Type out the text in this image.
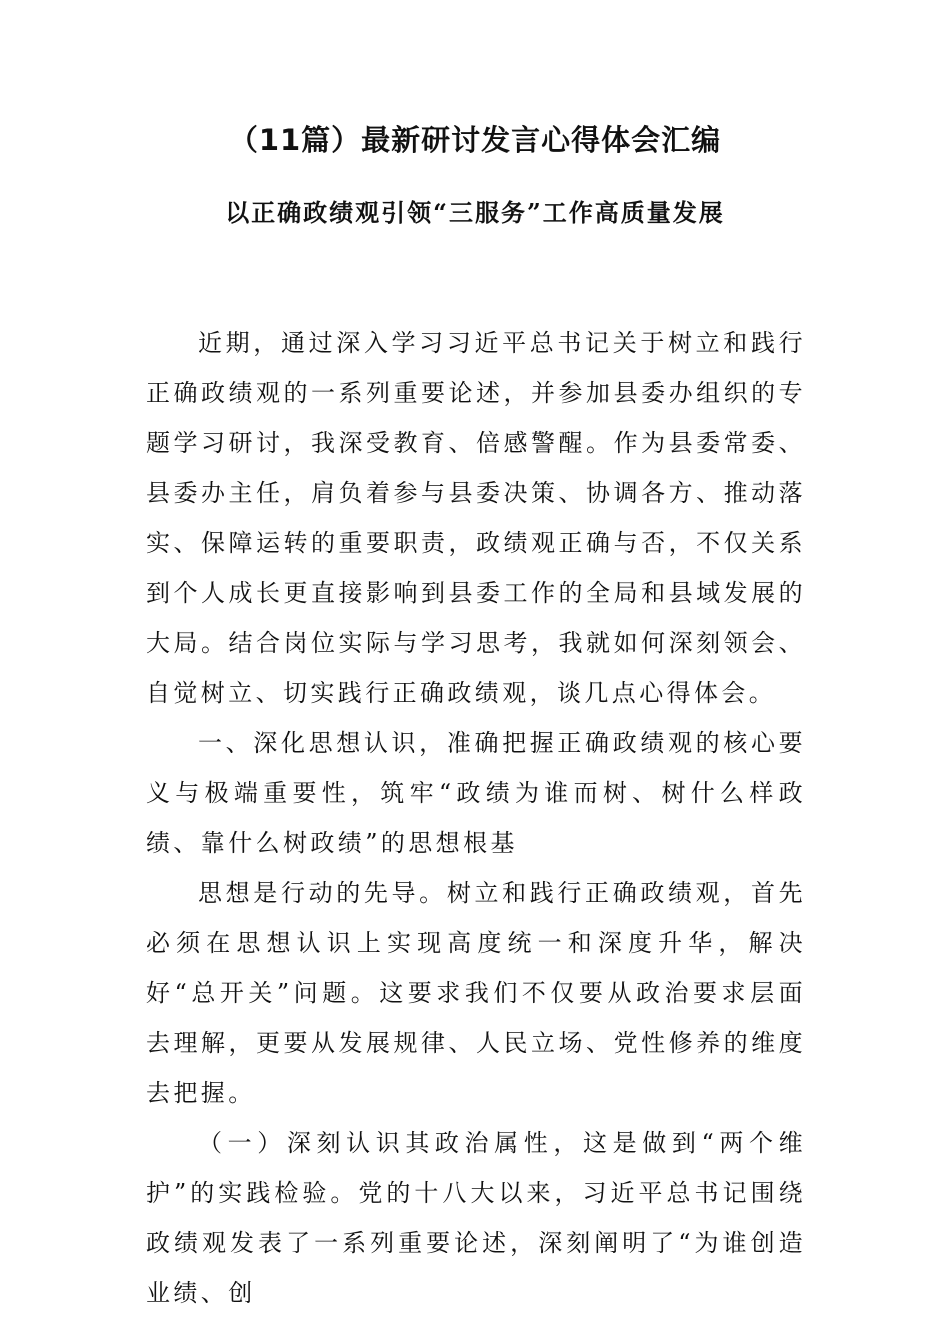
（11篇）最新研讨发言心得体会汇编
以正确政绩观引领“三服务”工作高质量发展

近期，通过深入学习习近平总书记关于树立和践行正确政绩观的一系列重要论述，并参加县委办组织的专题学习研讨，我深受教育、倍感警醒。作为县委常委、县委办主任，肩负着参与县委决策、协调各方、推动落实、保障运转的重要职责，政绩观正确与否，不仅关系到个人成长更直接影响到县委工作的全局和县域发展的大局。结合岗位实际与学习思考，我就如何深刻领会、自觉树立、切实践行正确政绩观，谈几点心得体会。

一、深化思想认识，准确把握正确政绩观的核心要义与极端重要性，筑牢“政绩为谁而树、树什么样政绩、靠什么树政绩”的思想根基

思想是行动的先导。树立和践行正确政绩观，首先必须在思想认识上实现高度统一和深度升华，解决好“总开关”问题。这要求我们不仅要从政治要求层面去理解，更要从发展规律、人民立场、党性修养的维度去把握。

（一）深刻认识其政治属性，这是做到“两个维护”的实践检验。党的十八大以来，习近平总书记围绕政绩观发表了一系列重要论述，深刻阐明了“为谁创造业绩、创
